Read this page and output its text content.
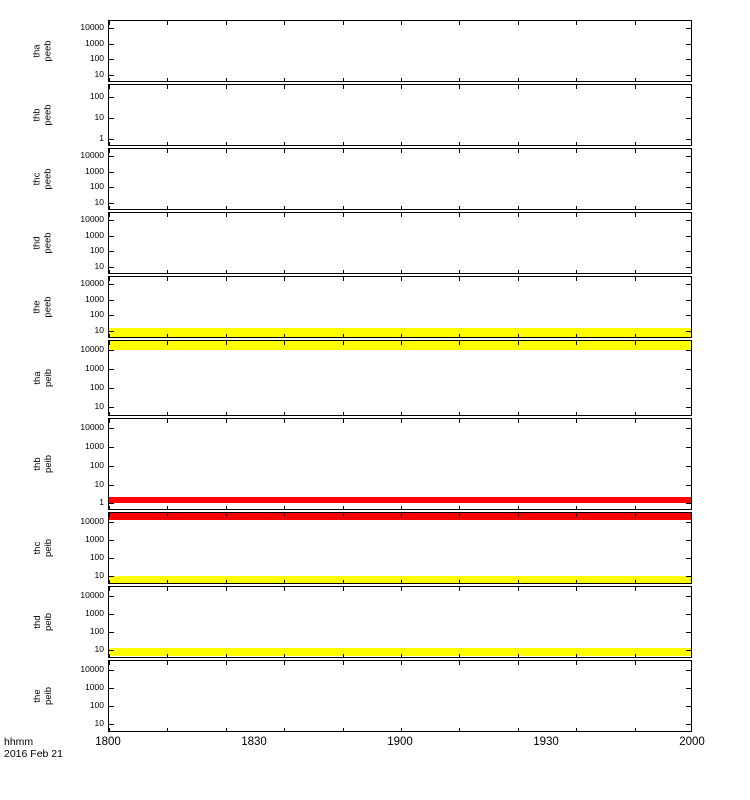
10
100
1000
10000
tha
peeb
1
10
100
thb
peeb
10
100
1000
10000
thc
peeb
10
100
1000
10000
thd
peeb
10
100
1000
10000
the
peeb
10
100
1000
10000
tha
peib
1
10
100
1000
10000
thb
peib
10
100
1000
10000
thc
peib
10
100
1000
10000
thd
peib
10
100
1000
10000
the
peib
1800	1830	1900	1930	2000
hhmm
2016 Feb 21
